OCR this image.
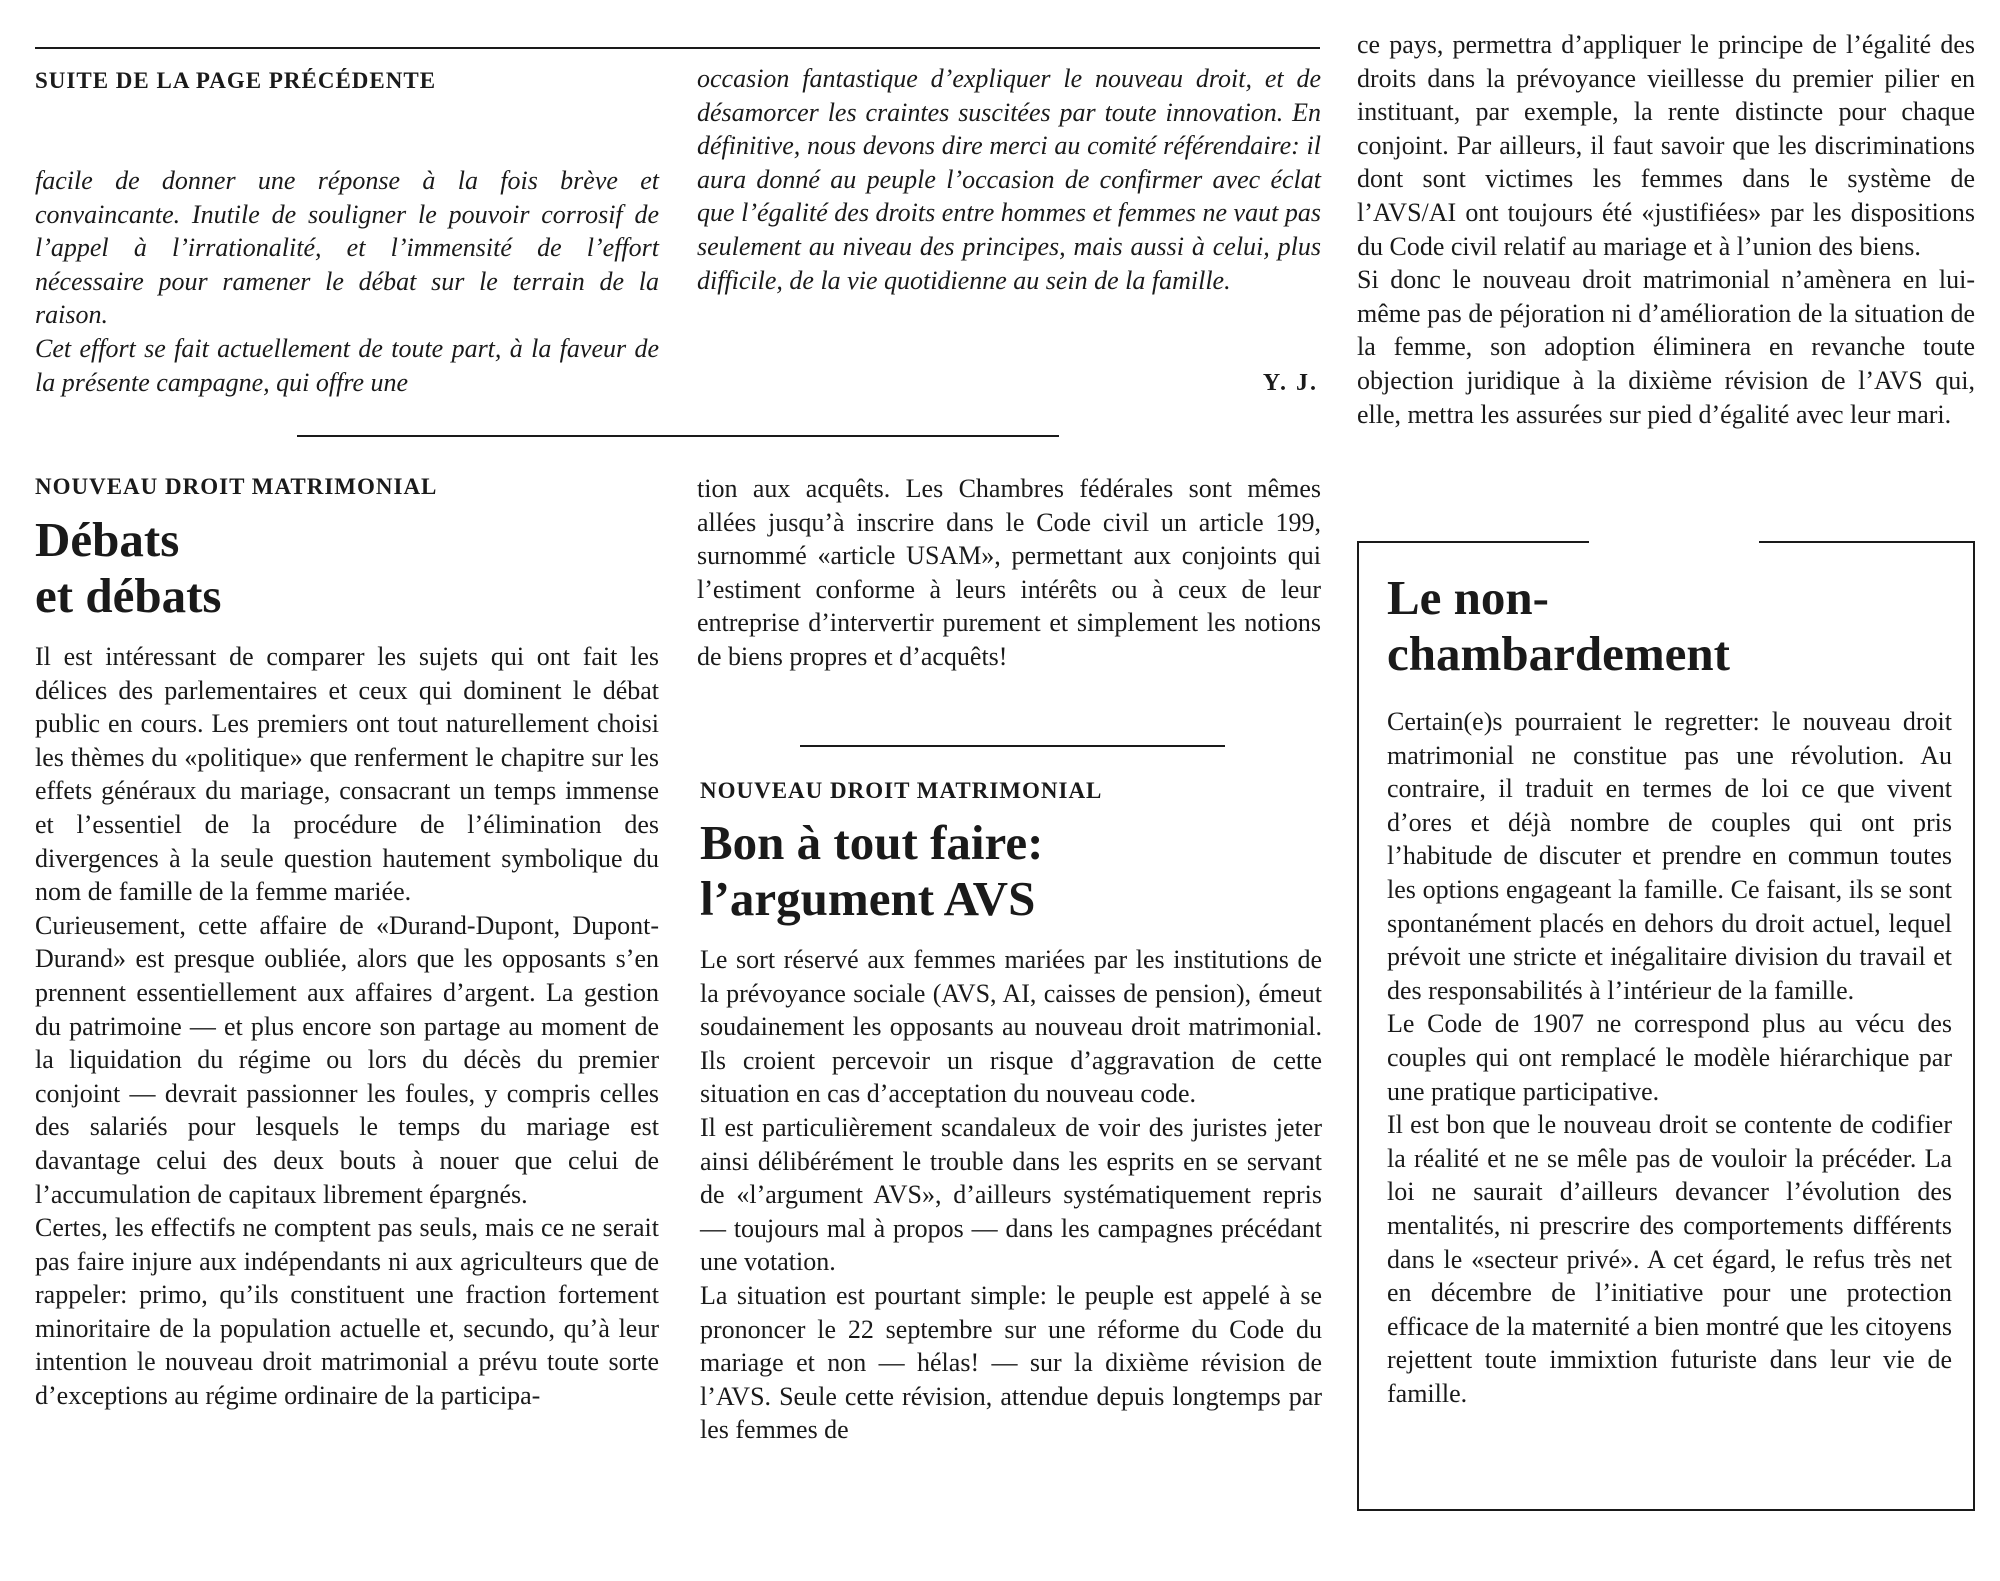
SUITE DE LA PAGE PRÉCÉDENTE

facile de donner une réponse à la fois brève et convaincante. Inutile de souligner le pouvoir corrosif de l’appel à l’irrationalité, et l’immensité de l’effort nécessaire pour ramener le débat sur le terrain de la raison.

Cet effort se fait actuellement de toute part, à la faveur de la présente campagne, qui offre une

occasion fantastique d’expliquer le nouveau droit, et de désamorcer les craintes suscitées par toute innovation. En définitive, nous devons dire merci au comité référendaire: il aura donné au peuple l’occasion de confirmer avec éclat que l’égalité des droits entre hommes et femmes ne vaut pas seulement au niveau des principes, mais aussi à celui, plus difficile, de la vie quotidienne au sein de la famille.

Y. J.

ce pays, permettra d’appliquer le principe de l’égalité des droits dans la prévoyance vieillesse du premier pilier en instituant, par exemple, la rente distincte pour chaque conjoint. Par ailleurs, il faut savoir que les discriminations dont sont victimes les femmes dans le système de l’AVS/AI ont toujours été «justifiées» par les dispositions du Code civil relatif au mariage et à l’union des biens.

Si donc le nouveau droit matrimonial n’amènera en lui-même pas de péjoration ni d’amélioration de la situation de la femme, son adoption éliminera en revanche toute objection juridique à la dixième révision de l’AVS qui, elle, mettra les assurées sur pied d’égalité avec leur mari.

NOUVEAU DROIT MATRIMONIAL
Débats
et débats

Il est intéressant de comparer les sujets qui ont fait les délices des parlementaires et ceux qui dominent le débat public en cours. Les premiers ont tout naturellement choisi les thèmes du «politique» que renferment le chapitre sur les effets généraux du mariage, consacrant un temps immense et l’essentiel de la procédure de l’élimination des divergences à la seule question hautement symbolique du nom de famille de la femme mariée.

Curieusement, cette affaire de «Durand-Dupont, Dupont-Durand» est presque oubliée, alors que les opposants s’en prennent essentiellement aux affaires d’argent. La gestion du patrimoine — et plus encore son partage au moment de la liquidation du régime ou lors du décès du premier conjoint — devrait passionner les foules, y compris celles des salariés pour lesquels le temps du mariage est davantage celui des deux bouts à nouer que celui de l’accumulation de capitaux librement épargnés.

Certes, les effectifs ne comptent pas seuls, mais ce ne serait pas faire injure aux indépendants ni aux agriculteurs que de rappeler: primo, qu’ils constituent une fraction fortement minoritaire de la population actuelle et, secundo, qu’à leur intention le nouveau droit matrimonial a prévu toute sorte d’exceptions au régime ordinaire de la participa-

tion aux acquêts. Les Chambres fédérales sont mêmes allées jusqu’à inscrire dans le Code civil un article 199, surnommé «article USAM», permettant aux conjoints qui l’estiment conforme à leurs intérêts ou à ceux de leur entreprise d’intervertir purement et simplement les notions de biens propres et d’acquêts!

NOUVEAU DROIT MATRIMONIAL
Bon à tout faire:
l’argument AVS

Le sort réservé aux femmes mariées par les institutions de la prévoyance sociale (AVS, AI, caisses de pension), émeut soudainement les opposants au nouveau droit matrimonial. Ils croient percevoir un risque d’aggravation de cette situation en cas d’acceptation du nouveau code.

Il est particulièrement scandaleux de voir des juristes jeter ainsi délibérément le trouble dans les esprits en se servant de «l’argument AVS», d’ailleurs systématiquement repris — toujours mal à propos — dans les campagnes précédant une votation.

La situation est pourtant simple: le peuple est appelé à se prononcer le 22 septembre sur une réforme du Code du mariage et non — hélas! — sur la dixième révision de l’AVS. Seule cette révision, attendue depuis longtemps par les femmes de

Le non-
chambardement

Certain(e)s pourraient le regretter: le nouveau droit matrimonial ne constitue pas une révolution. Au contraire, il traduit en termes de loi ce que vivent d’ores et déjà nombre de couples qui ont pris l’habitude de discuter et prendre en commun toutes les options engageant la famille. Ce faisant, ils se sont spontanément placés en dehors du droit actuel, lequel prévoit une stricte et inégalitaire division du travail et des responsabilités à l’intérieur de la famille.

Le Code de 1907 ne correspond plus au vécu des couples qui ont remplacé le modèle hiérarchique par une pratique participative.

Il est bon que le nouveau droit se contente de codifier la réalité et ne se mêle pas de vouloir la précéder. La loi ne saurait d’ailleurs devancer l’évolution des mentalités, ni prescrire des comportements différents dans le «secteur privé». A cet égard, le refus très net en décembre de l’initiative pour une protection efficace de la maternité a bien montré que les citoyens rejettent toute immixtion futuriste dans leur vie de famille.
